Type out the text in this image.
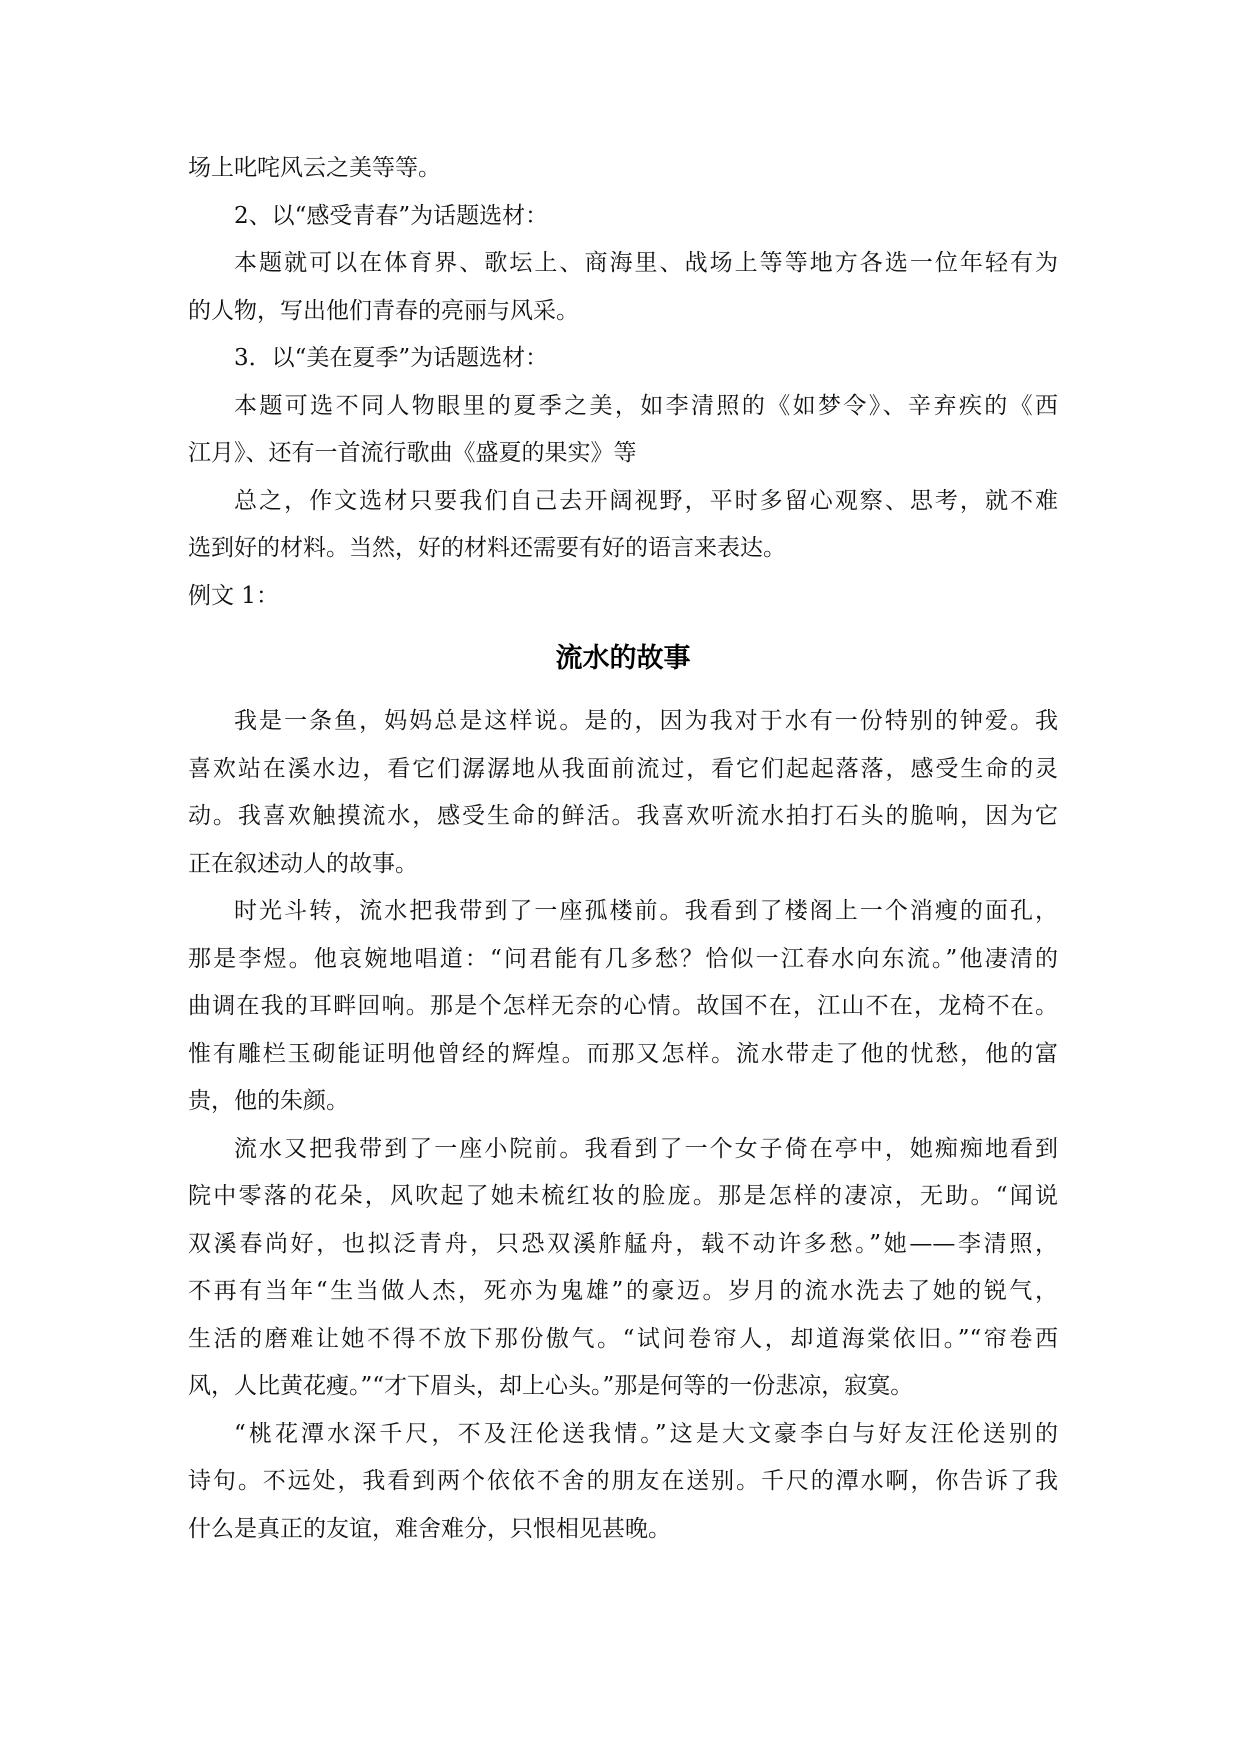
场上叱咤风云之美等等。
2、以“感受青春”为话题选材：
本题就可以在体育界、歌坛上、商海里、战场上等等地方各选一位年轻有为
的人物，写出他们青春的亮丽与风采。
3．以“美在夏季”为话题选材：
本题可选不同人物眼里的夏季之美，如李清照的《如梦令》、辛弃疾的《西
江月》、还有一首流行歌曲《盛夏的果实》等
总之，作文选材只要我们自己去开阔视野，平时多留心观察、思考，就不难
选到好的材料。当然，好的材料还需要有好的语言来表达。
例文 1：
流水的故事
我是一条鱼，妈妈总是这样说。是的，因为我对于水有一份特别的钟爱。我
喜欢站在溪水边，看它们潺潺地从我面前流过，看它们起起落落，感受生命的灵
动。我喜欢触摸流水，感受生命的鲜活。我喜欢听流水拍打石头的脆响，因为它
正在叙述动人的故事。
时光斗转，流水把我带到了一座孤楼前。我看到了楼阁上一个消瘦的面孔，
那是李煜。他哀婉地唱道：“问君能有几多愁？恰似一江春水向东流。”他凄清的
曲调在我的耳畔回响。那是个怎样无奈的心情。故国不在，江山不在，龙椅不在。
惟有雕栏玉砌能证明他曾经的辉煌。而那又怎样。流水带走了他的忧愁，他的富
贵，他的朱颜。
流水又把我带到了一座小院前。我看到了一个女子倚在亭中，她痴痴地看到
院中零落的花朵，风吹起了她未梳红妆的脸庞。那是怎样的凄凉，无助。“闻说
双溪春尚好，也拟泛青舟，只恐双溪舴艋舟，载不动许多愁。”她——李清照，
不再有当年“生当做人杰，死亦为鬼雄”的豪迈。岁月的流水洗去了她的锐气，
生活的磨难让她不得不放下那份傲气。“试问卷帘人，却道海棠依旧。”“帘卷西
风，人比黄花瘦。”“才下眉头，却上心头。”那是何等的一份悲凉，寂寞。
“桃花潭水深千尺，不及汪伦送我情。”这是大文豪李白与好友汪伦送别的
诗句。不远处，我看到两个依依不舍的朋友在送别。千尺的潭水啊，你告诉了我
什么是真正的友谊，难舍难分，只恨相见甚晚。
